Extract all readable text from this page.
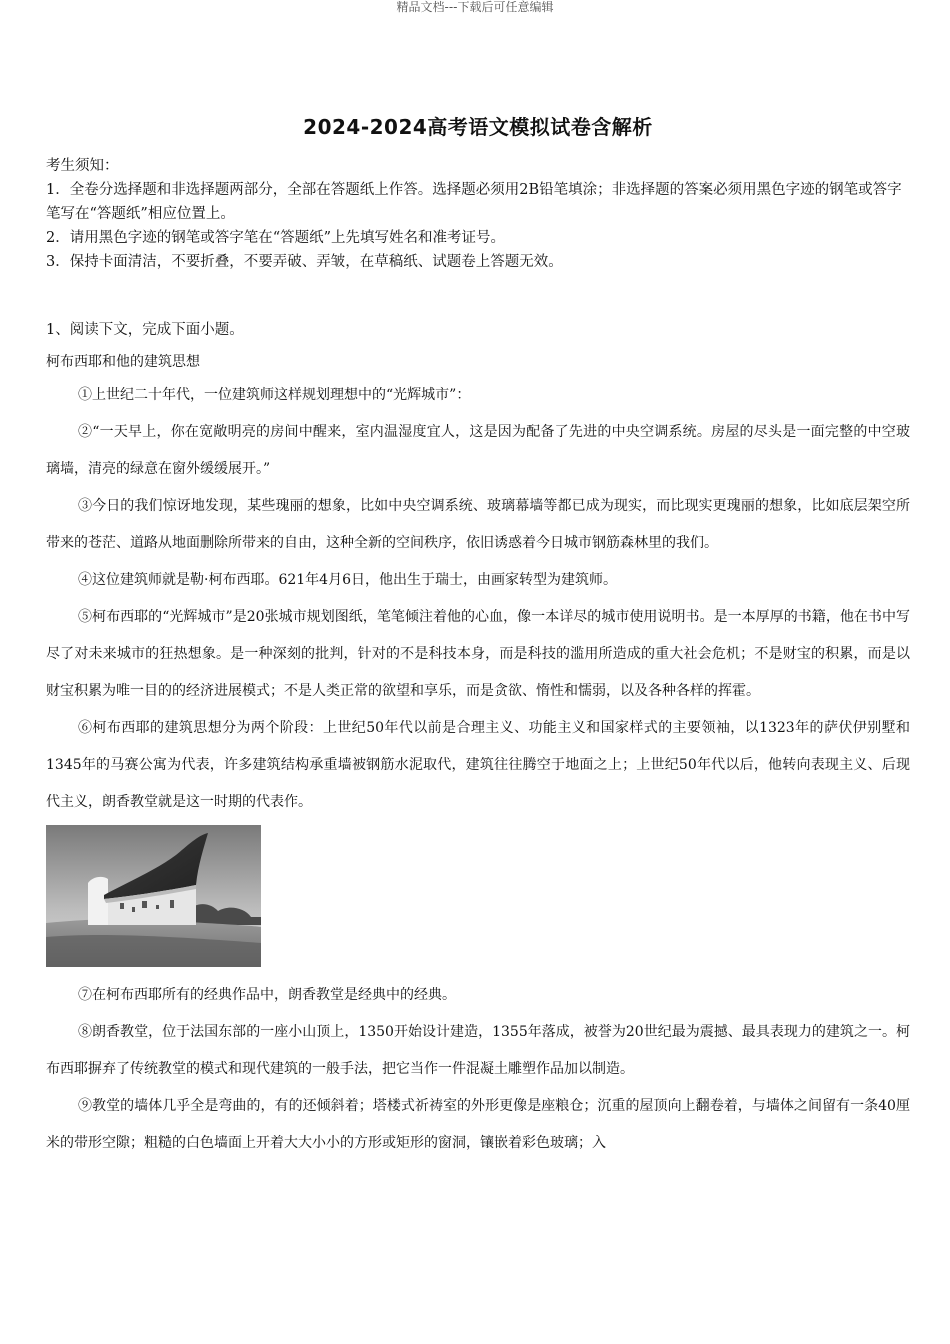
精品文档---下载后可任意编辑
2024-2024高考语文模拟试卷含解析

考生须知：

1．全卷分选择题和非选择题两部分，全部在答题纸上作答。选择题必须用2B铅笔填涂；非选择题的答案必须用黑色字迹的钢笔或答字笔写在“答题纸”相应位置上。

2．请用黑色字迹的钢笔或答字笔在“答题纸”上先填写姓名和准考证号。

3．保持卡面清洁，不要折叠，不要弄破、弄皱，在草稿纸、试题卷上答题无效。

1、阅读下文，完成下面小题。

柯布西耶和他的建筑思想

①上世纪二十年代，一位建筑师这样规划理想中的“光辉城市”：

②“一天早上，你在宽敞明亮的房间中醒来，室内温湿度宜人，这是因为配备了先进的中央空调系统。房屋的尽头是一面完整的中空玻璃墙，清亮的绿意在窗外缓缓展开。”

③今日的我们惊讶地发现，某些瑰丽的想象，比如中央空调系统、玻璃幕墙等都已成为现实，而比现实更瑰丽的想象，比如底层架空所带来的苍茫、道路从地面删除所带来的自由，这种全新的空间秩序，依旧诱惑着今日城市钢筋森林里的我们。

④这位建筑师就是勒·柯布西耶。621年4月6日，他出生于瑞士，由画家转型为建筑师。

⑤柯布西耶的“光辉城市”是20张城市规划图纸，笔笔倾注着他的心血，像一本详尽的城市使用说明书。是一本厚厚的书籍，他在书中写尽了对未来城市的狂热想象。是一种深刻的批判，针对的不是科技本身，而是科技的滥用所造成的重大社会危机；不是财宝的积累，而是以财宝积累为唯一目的的经济进展模式；不是人类正常的欲望和享乐，而是贪欲、惰性和懦弱，以及各种各样的挥霍。

⑥柯布西耶的建筑思想分为两个阶段：上世纪50年代以前是合理主义、功能主义和国家样式的主要领袖，以1323年的萨伏伊别墅和1345年的马赛公寓为代表，许多建筑结构承重墙被钢筋水泥取代，建筑往往腾空于地面之上；上世纪50年代以后，他转向表现主义、后现代主义，朗香教堂就是这一时期的代表作。

⑦在柯布西耶所有的经典作品中，朗香教堂是经典中的经典。

⑧朗香教堂，位于法国东部的一座小山顶上，1350开始设计建造，1355年落成，被誉为20世纪最为震撼、最具表现力的建筑之一。柯布西耶摒弃了传统教堂的模式和现代建筑的一般手法，把它当作一件混凝土雕塑作品加以制造。

⑨教堂的墙体几乎全是弯曲的，有的还倾斜着；塔楼式祈祷室的外形更像是座粮仓；沉重的屋顶向上翻卷着，与墙体之间留有一条40厘米的带形空隙；粗糙的白色墙面上开着大大小小的方形或矩形的窗洞，镶嵌着彩色玻璃；入
